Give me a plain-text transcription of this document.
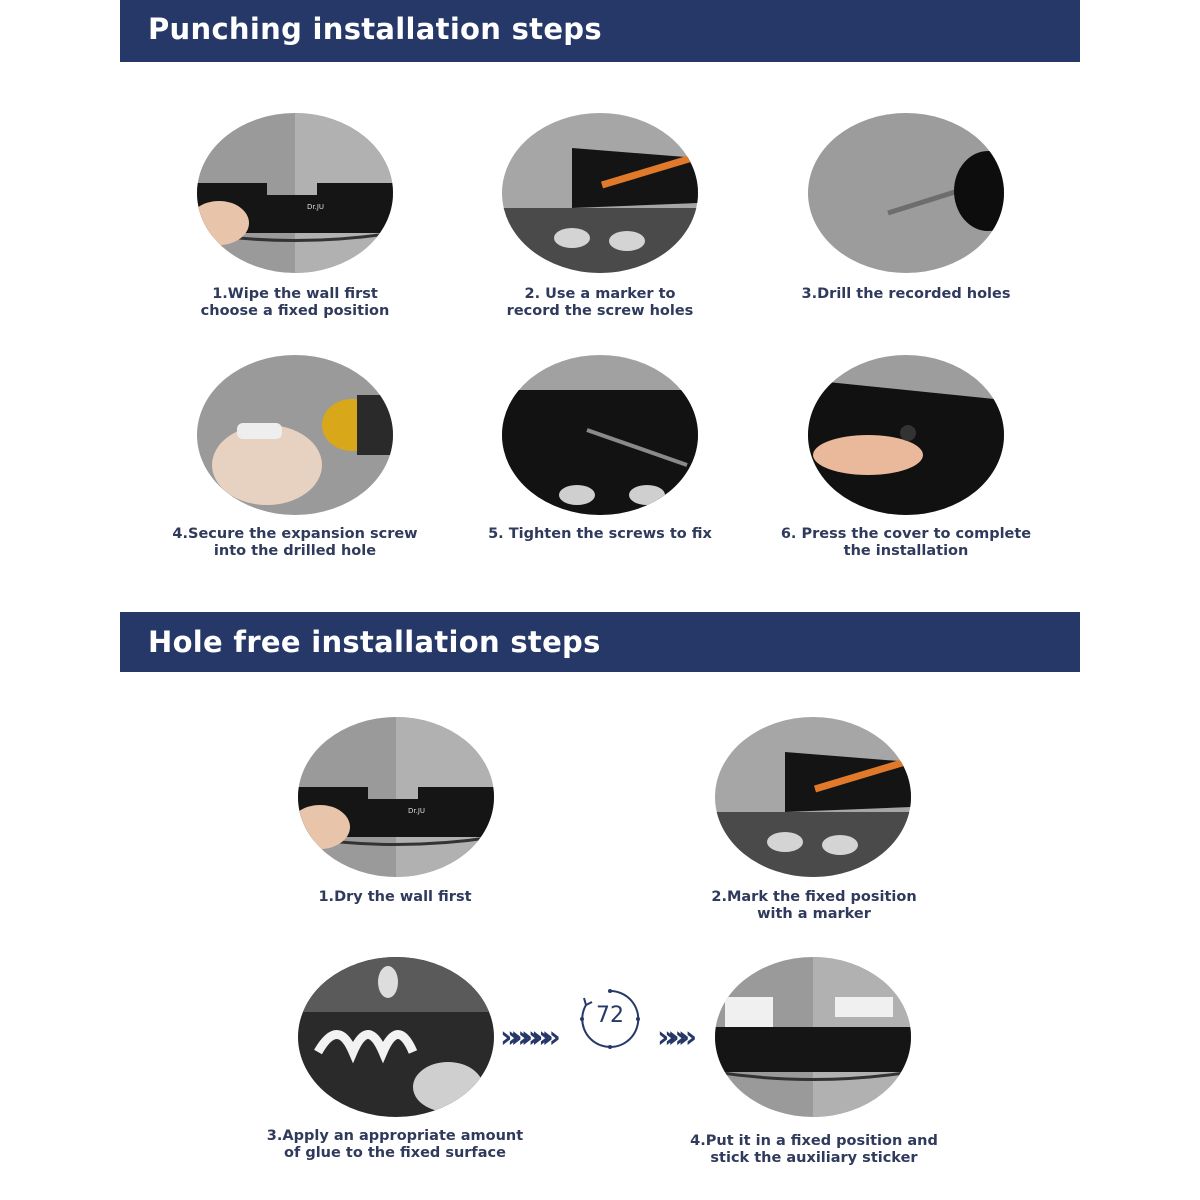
Punching installation steps
Dr.JU
1.Wipe the wall first
choose a fixed position
2. Use a marker to
record the screw holes
3.Drill the recorded holes
4.Secure the expansion screw
into the drilled hole
5. Tighten the screws to fix	6. Press the cover to complete
the installation
Hole free installation steps
Dr.JU
1.Dry the wall first	2.Mark the fixed position
with a marker
»»»»»
72
»»»
3.Apply an appropriate amount
of glue to the fixed surface
4.Put it in a fixed position and
stick the auxiliary sticker
